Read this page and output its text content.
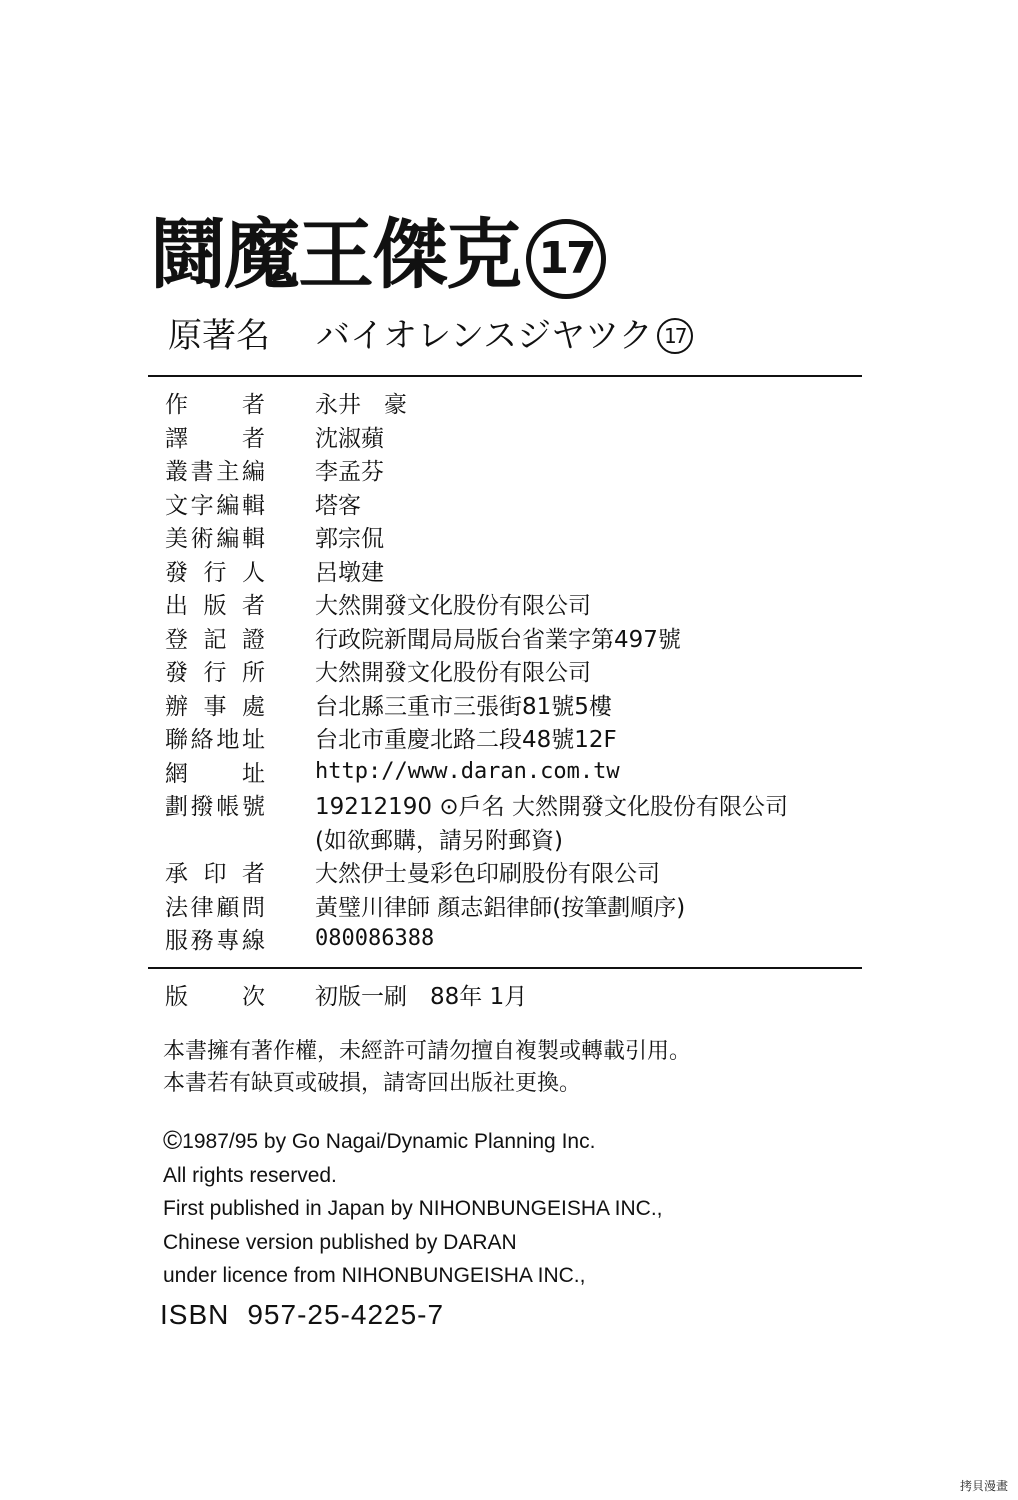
鬪魔王傑克 17
原著名 バイオレンスジヤツク 17
作 者 永井　豪
譯 者 沈淑蘋
叢 書 主 編 李孟芬
文 字 編 輯 塔客
美 術 編 輯 郭宗侃
發 行 人 呂墩建
出 版 者 大然開發文化股份有限公司
登 記 證 行政院新聞局局版台省業字第497號
發 行 所 大然開發文化股份有限公司
辦 事 處 台北縣三重市三張街81號5樓
聯 絡 地 址 台北市重慶北路二段48號12F
網 址 http://www.daran.com.tw
劃 撥 帳 號 19212190 ⊙戶名 大然開發文化股份有限公司
(如欲郵購，請另附郵資)
承 印 者 大然伊士曼彩色印刷股份有限公司
法 律 顧 問 黃璧川律師 顏志鋁律師(按筆劃順序)
服 務 專 線 080086388
版 次 初版一刷　88年 1月
本書擁有著作權，未經許可請勿擅自複製或轉載引用。
本書若有缺頁或破損，請寄回出版社更換。
©1987/95 by Go Nagai/Dynamic Planning Inc.
All rights reserved.
First published in Japan by NIHONBUNGEISHA INC.,
Chinese version published by DARAN
under licence from NIHONBUNGEISHA INC.,
ISBN 957-25-4225-7
拷貝漫畫
